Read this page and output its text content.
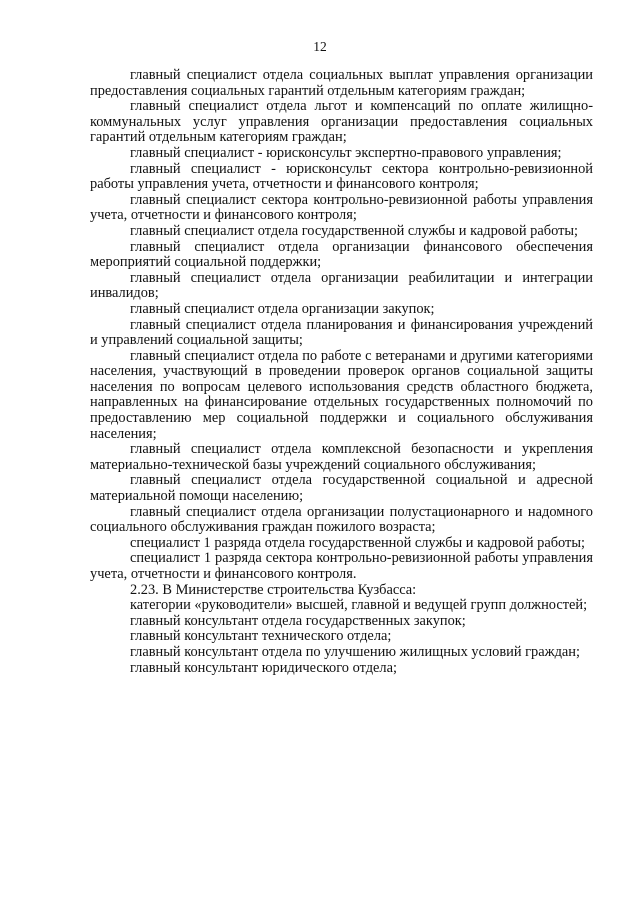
12

главный специалист отдела социальных выплат управления организации предоставления социальных гарантий отдельным категориям граждан;

главный специалист отдела льгот и компенсаций по оплате жилищно-коммунальных услуг управления организации предоставления социальных гарантий отдельным категориям граждан;

главный специалист - юрисконсульт экспертно-правового управления;

главный специалист - юрисконсульт сектора контрольно-ревизионной работы управления учета, отчетности и финансового контроля;

главный специалист сектора контрольно-ревизионной работы управления учета, отчетности и финансового контроля;

главный специалист отдела государственной службы и кадровой работы;

главный специалист отдела организации финансового обеспечения мероприятий социальной поддержки;

главный специалист отдела организации реабилитации и интеграции инвалидов;

главный специалист отдела организации закупок;

главный специалист отдела планирования и финансирования учреждений и управлений социальной защиты;

главный специалист отдела по работе с ветеранами и другими категориями населения, участвующий в проведении проверок органов социальной защиты населения по вопросам целевого использования средств областного бюджета, направленных на финансирование отдельных государственных полномочий по предоставлению мер социальной поддержки и социального обслуживания населения;

главный специалист отдела комплексной безопасности и укрепления материально-технической базы учреждений социального обслуживания;

главный специалист отдела государственной социальной и адресной материальной помощи населению;

главный специалист отдела организации полустационарного и надомного социального обслуживания граждан пожилого возраста;

специалист 1 разряда отдела государственной службы и кадровой работы;

специалист 1 разряда сектора контрольно-ревизионной работы управления учета, отчетности и финансового контроля.

2.23. В Министерстве строительства Кузбасса:

категории «руководители» высшей, главной и ведущей групп должностей;

главный консультант отдела государственных закупок;

главный консультант технического отдела;

главный консультант отдела по улучшению жилищных условий граждан;

главный консультант юридического отдела;
